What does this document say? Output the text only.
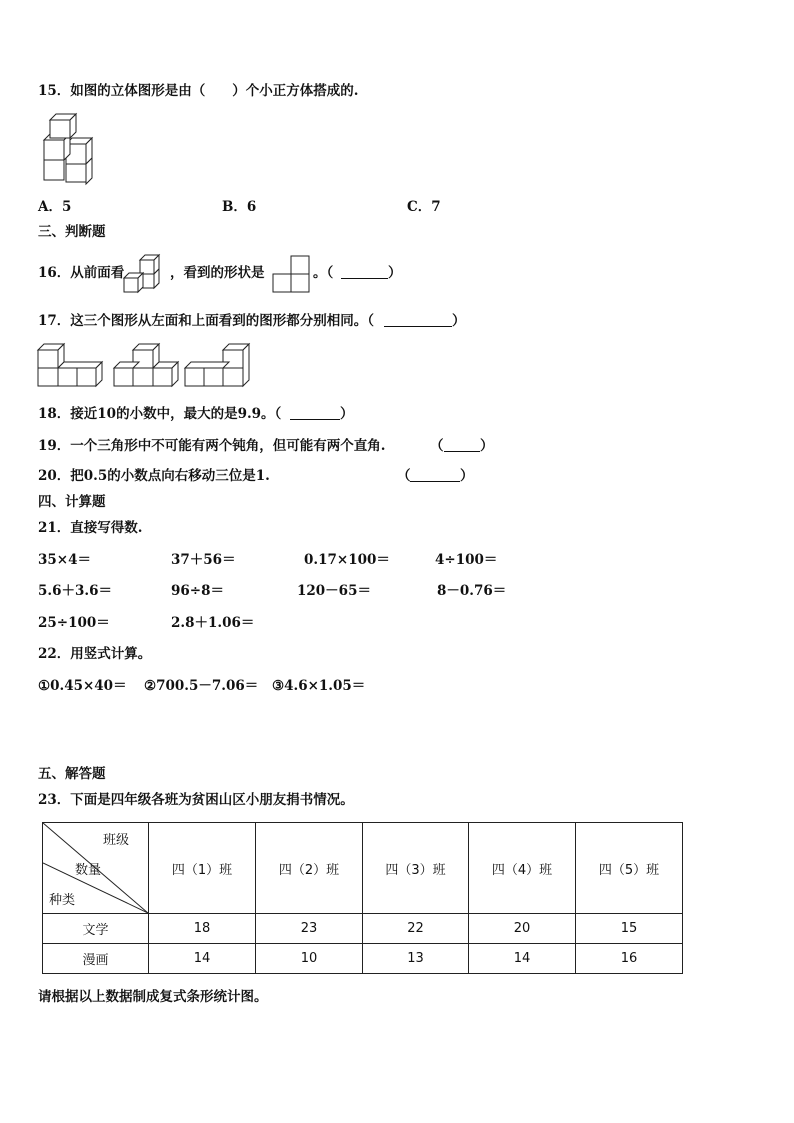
15．如图的立体图形是由（　　）个小正方体搭成的.
A．5	B．6	C．7
三、判断题
16．从前面看	，看到的形状是	。（	）
17．这三个图形从左面和上面看到的图形都分别相同。（	）
18．接近10的小数中，最大的是9.9。（	）
19．一个三角形中不可能有两个钝角，但可能有两个直角.	（	）
20．把0.5的小数点向右移动三位是1.	（	）
四、计算题
21．直接写得数.
35×4＝	37＋56＝	0.17×100＝	4÷100＝
5.6＋3.6＝	96÷8＝	120－65＝	8－0.76＝
25÷100＝	2.8＋1.06＝
22．用竖式计算。
①0.45×40＝ ②700.5－7.06＝ ③4.6×1.05＝
五、解答题
23．下面是四年级各班为贫困山区小朋友捐书情况。
班级
数量
种类	四（1）班	四（2）班	四（3）班	四（4）班	四（5）班
文学	18	23	22	20	15
漫画	14	10	13	14	16
请根据以上数据制成复式条形统计图。
